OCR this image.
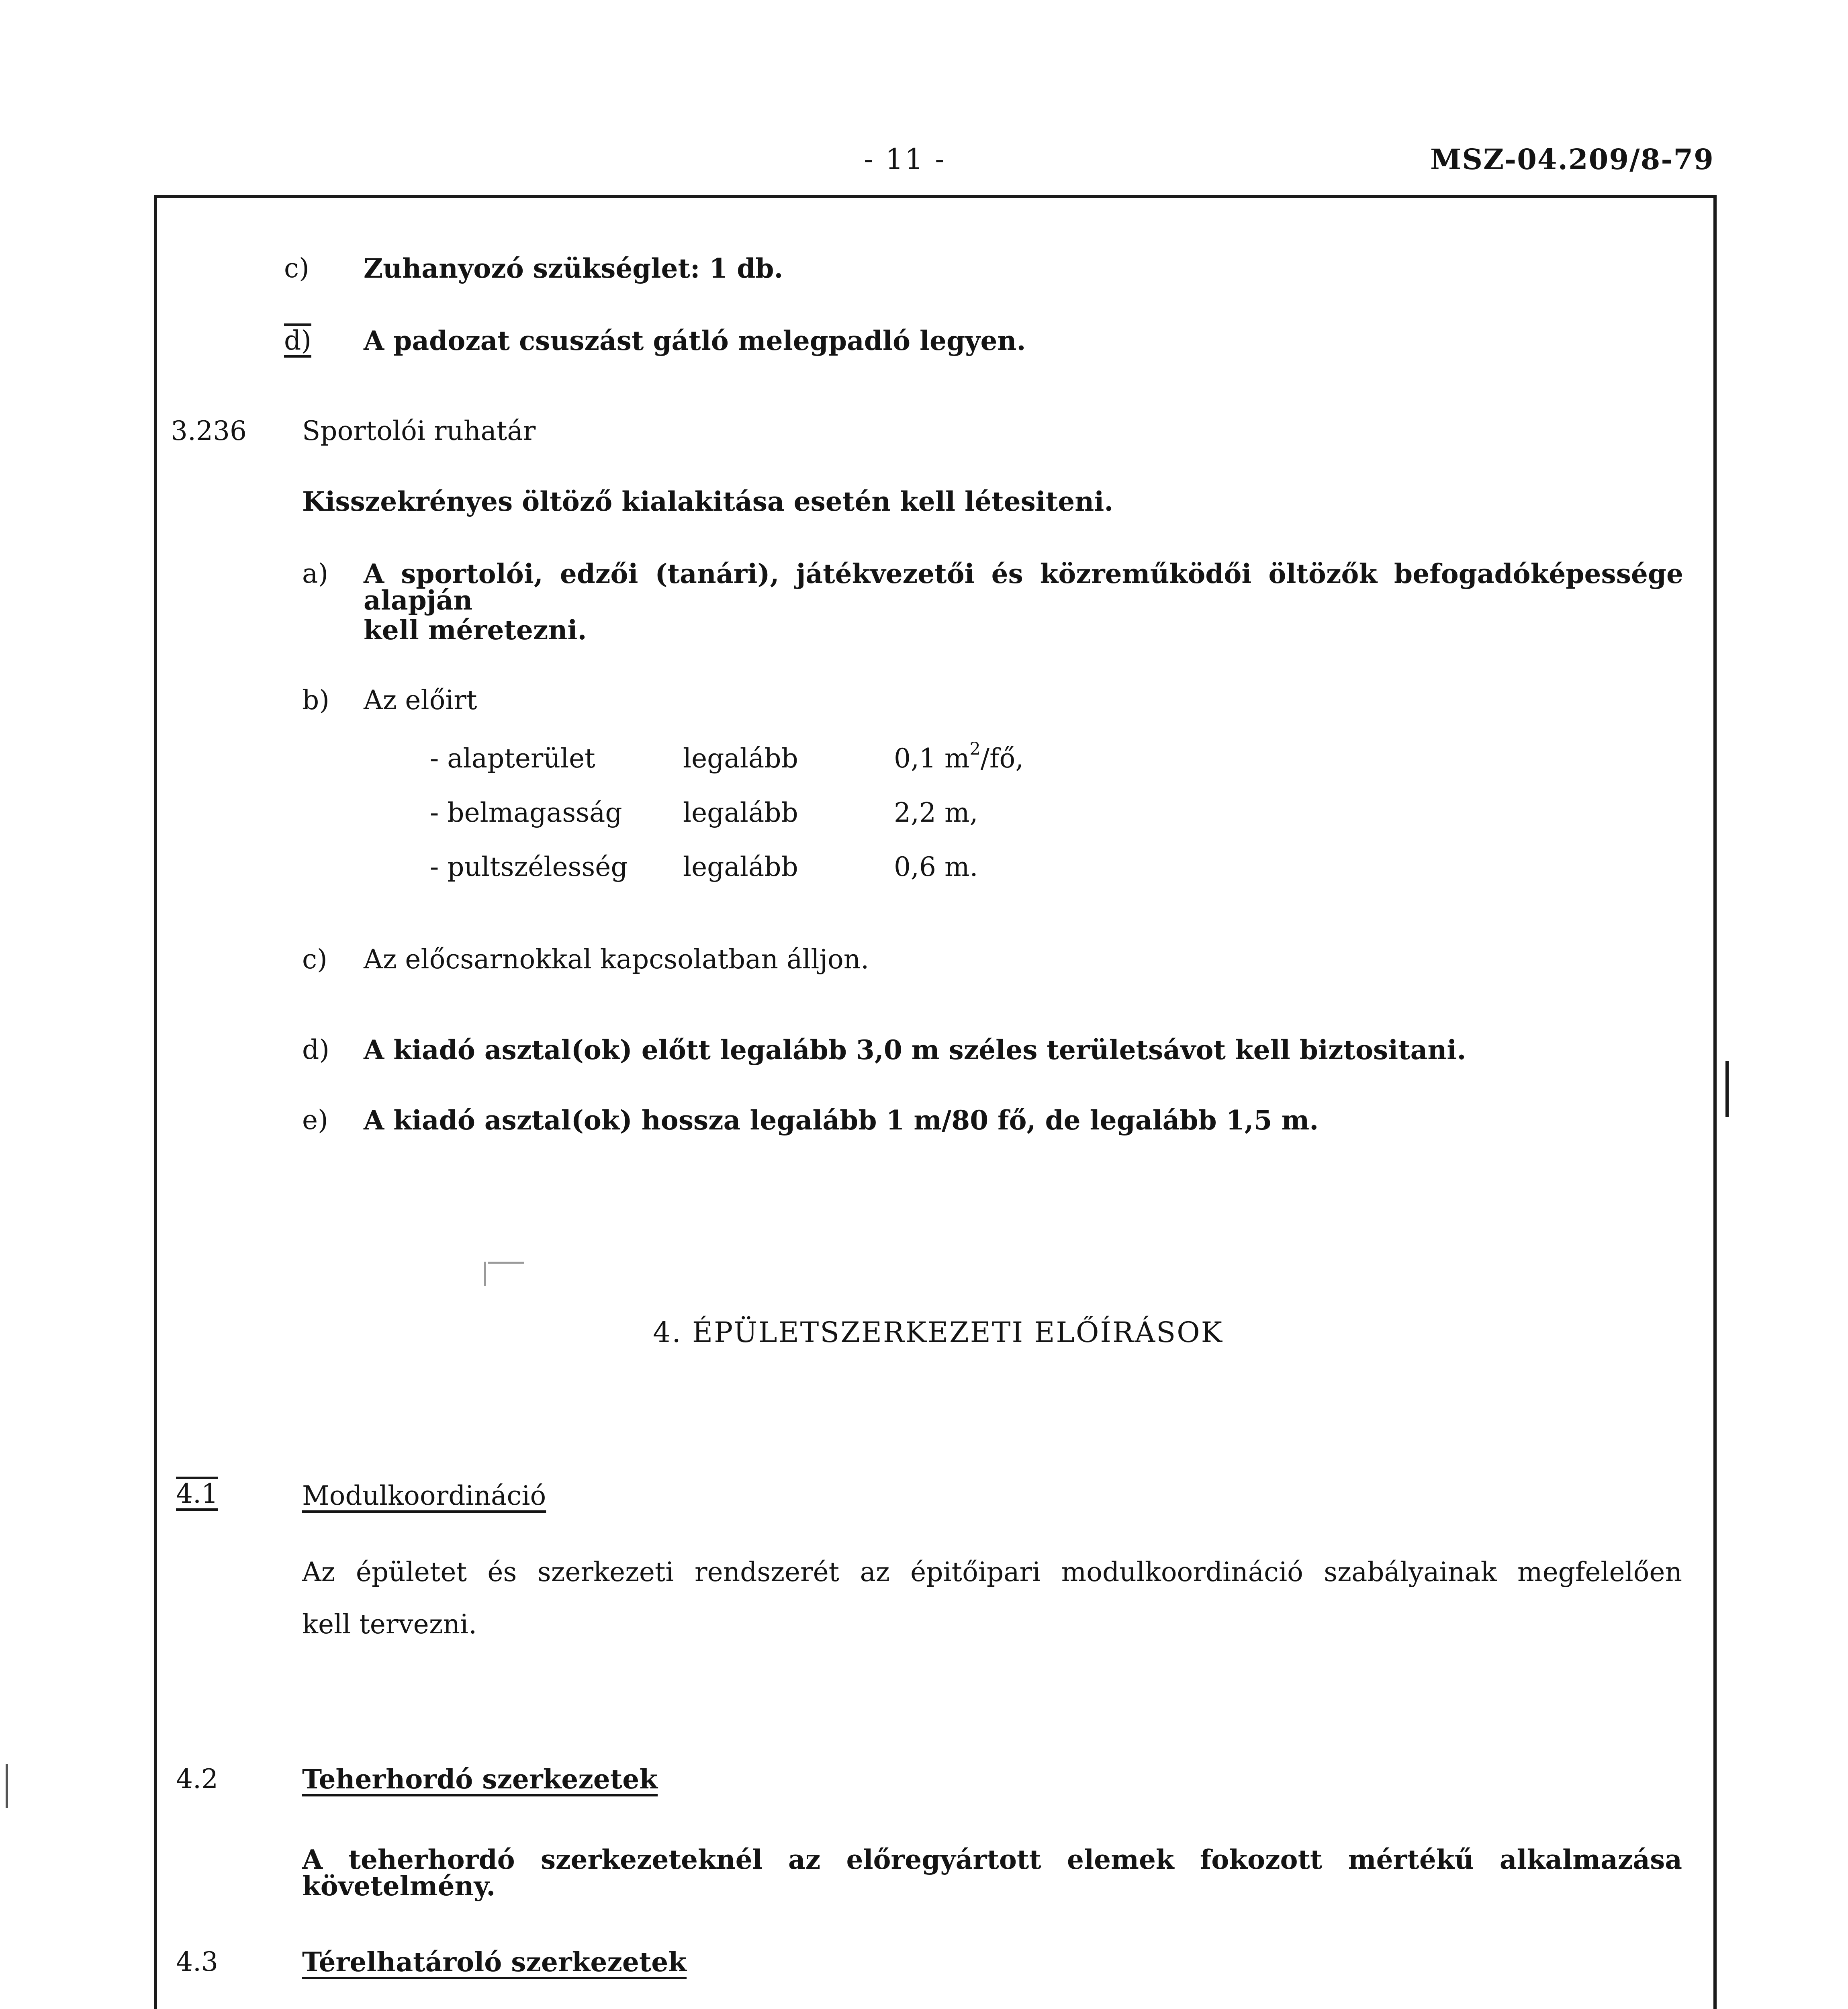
- 11 -	MSZ-04.209/8-79
c) Zuhanyozó szükséglet: 1 db.
d) A padozat csuszást gátló melegpadló legyen.
3.236 Sportolói ruhatár
Kisszekrényes öltöző kialakitása esetén kell létesiteni.
a) A sportolói, edzői (tanári), játékvezetői és közreműködői öltözők befogadóképessége alapján
kell méretezni.
b) Az előirt
- alapterület	legalább	0,1 $m^2/fő$,
- belmagasság legalább	2,2 m,
- pultszélesség legalább	0,6 m.
c) Az előcsarnokkal kapcsolatban álljon.
d) A kiadó asztal(ok) előtt legalább 3,0 m széles területsávot kell biztositani.
e) A kiadó asztal(ok) hossza legalább 1 m/80 fő, de legalább 1,5 m.
4. ÉPÜLETSZERKEZETI ELŐÍRÁSOK
4.1	Modulkoordináció
Az épületet és szerkezeti rendszerét az épitőipari modulkoordináció szabályainak megfelelően
kell tervezni.
4.2	Teherhordó szerkezetek
A teherhordó szerkezeteknél az előregyártott elemek fokozott mértékű alkalmazása követelmény.
4.3	Térelhatároló szerkezetek
